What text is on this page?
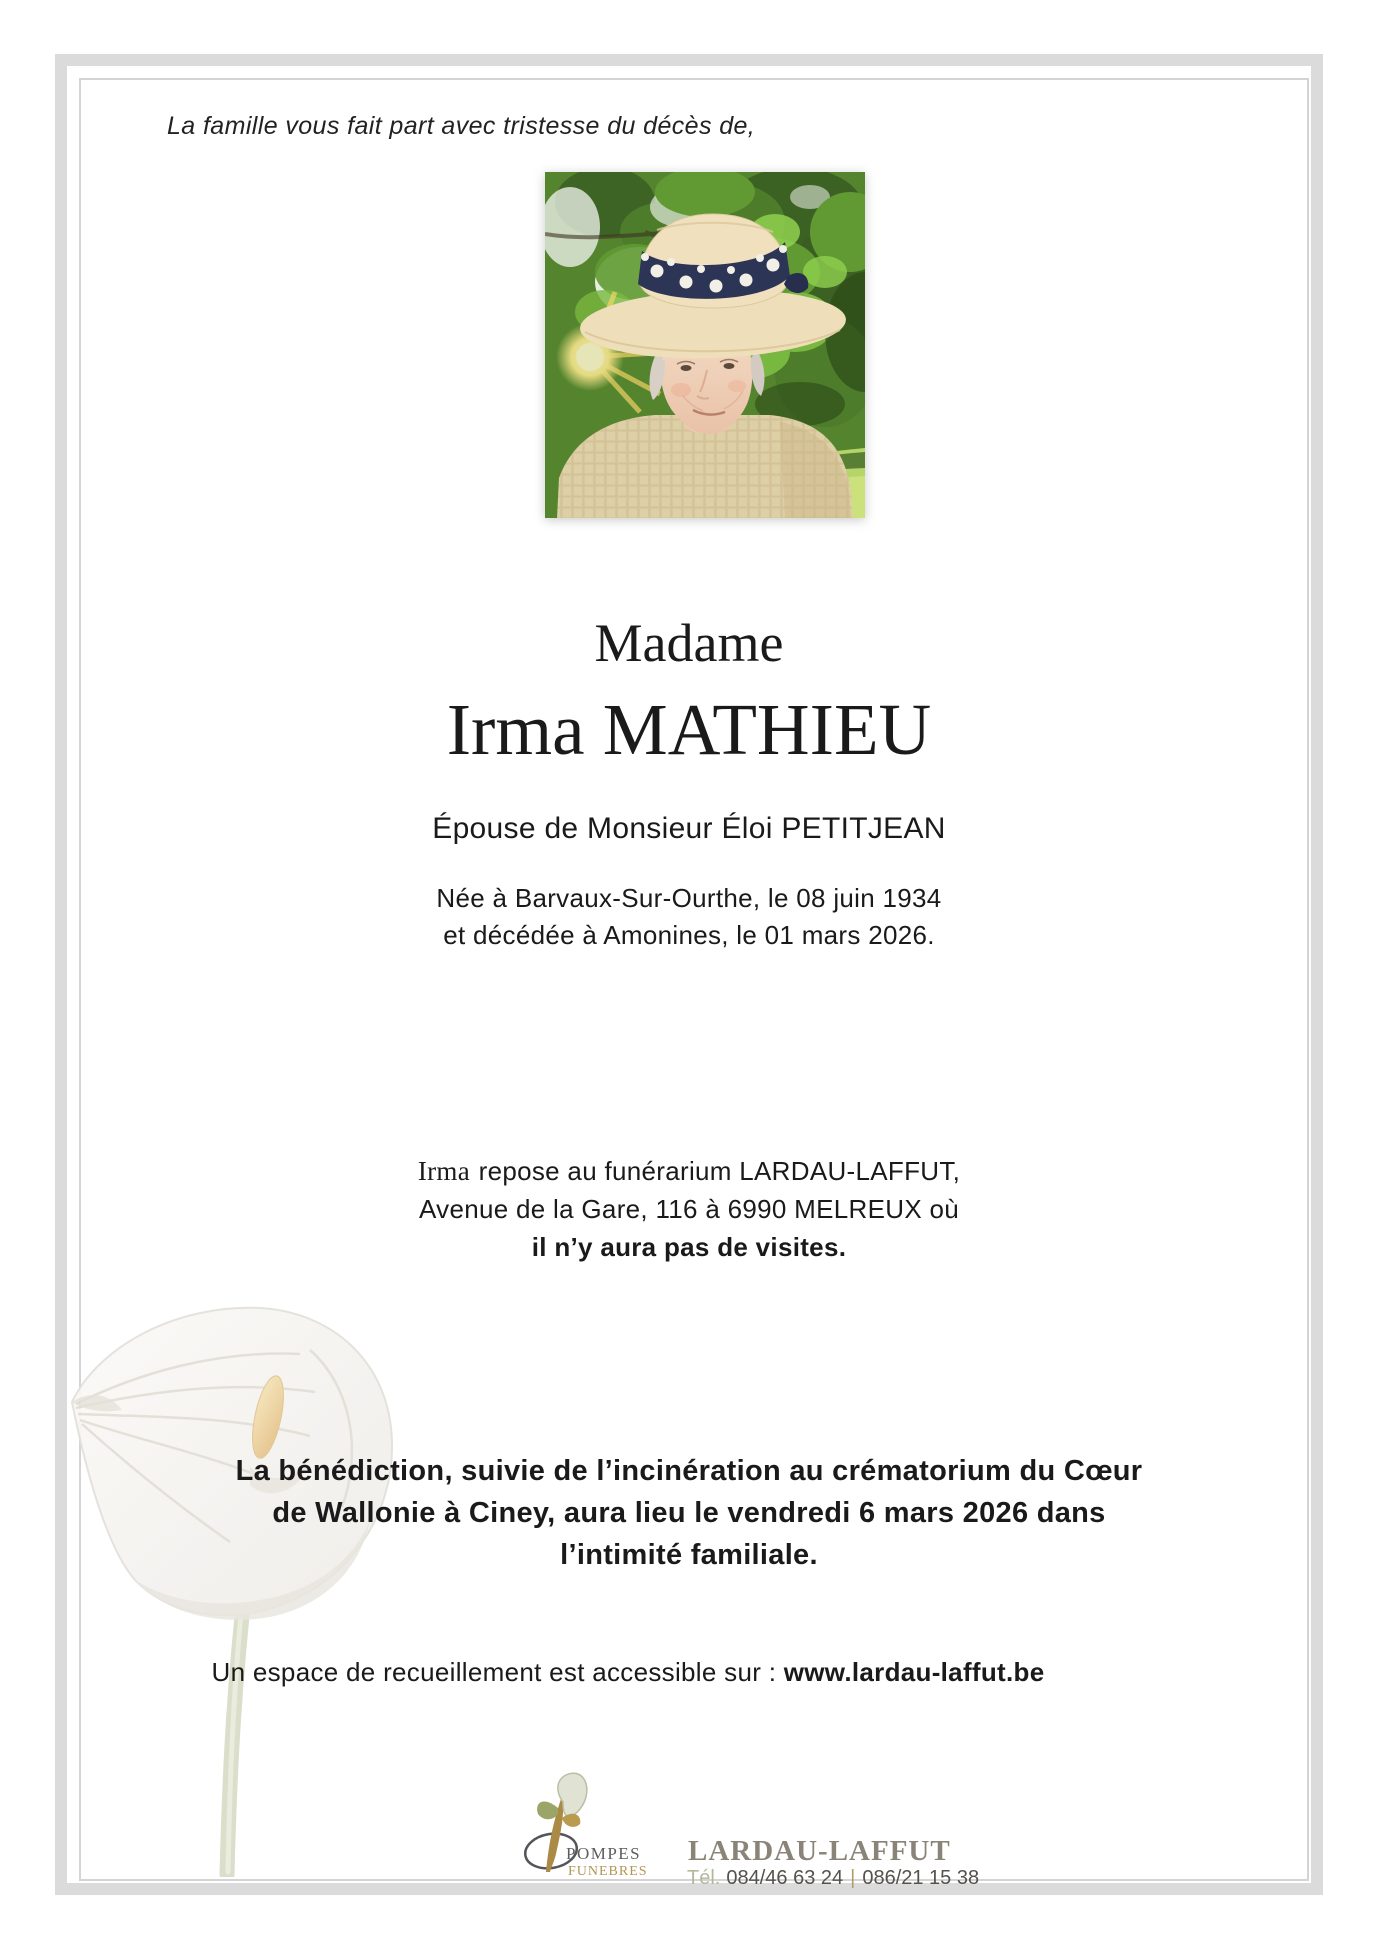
La famille vous fait part avec tristesse du décès de,
Madame
Irma MATHIEU
Épouse de Monsieur Éloi PETITJEAN
Née à Barvaux-Sur-Ourthe, le 08 juin 1934
et décédée à Amonines, le 01 mars 2026.
Irma repose au funérarium LARDAU-LAFFUT,
Avenue de la Gare, 116 à 6990 MELREUX où
il n’y aura pas de visites.
La bénédiction, suivie de l’incinération au crématorium du Cœur
de Wallonie à Ciney, aura lieu le vendredi 6 mars 2026 dans
l’intimité familiale.
Un espace de recueillement est accessible sur : www.lardau-laffut.be
POMPES
FUNEBRES
LARDAU-LAFFUT
Tél. 084/46 63 24 | 086/21 15 38
